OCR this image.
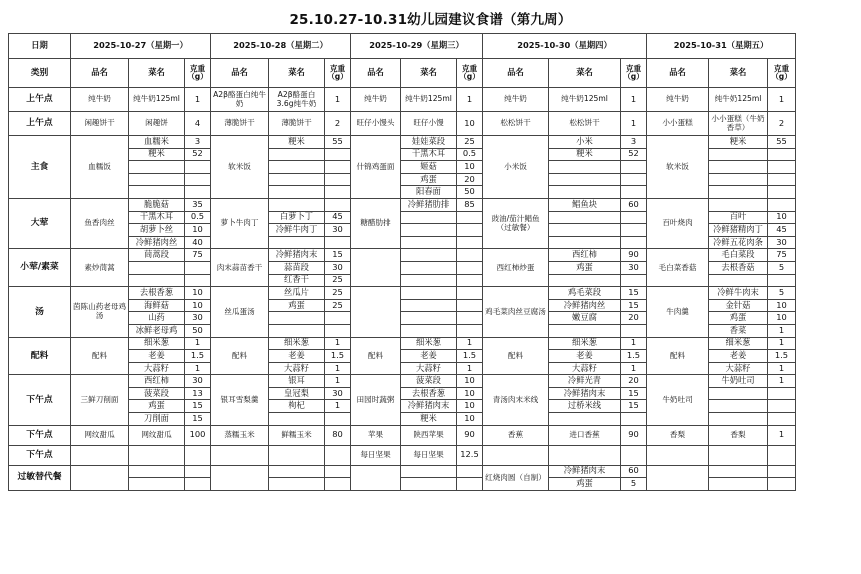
25.10.27-10.31幼儿园建议食谱（第九周）
日期	2025-10-27（星期一）			2025-10-28（星期二）			2025-10-29（星期三）			2025-10-30（星期四）			2025-10-31（星期五）		
类别	品名	菜名	克重（g）	品名	菜名	克重（g）	品名	菜名	克重（g）	品名	菜名	克重（g）	品名	菜名	克重（g）
上午点	纯牛奶	纯牛奶125ml	1	A2β酪蛋白纯牛奶	A2β酪蛋白3.6g纯牛奶	1	纯牛奶	纯牛奶125ml	1	纯牛奶	纯牛奶125ml	1	纯牛奶	纯牛奶125ml	1
上午点	闲趣饼干	闲趣饼	4	薄脆饼干	薄脆饼干	2	旺仔小馒头	旺仔小馒	10	松松饼干	松松饼干	1	小小蛋糕	小小蛋糕（牛奶香草）	2
主食	血糯饭	血糯米	3	软米饭	粳米	55	什锦鸡蛋面	娃娃菜段	25	小米饭	小米	3	软米饭	粳米	55
		粳米	52					干黑木耳	0.5		粳米	52			
								姬菇	10						
								鸡蛋	20						
								阳春面	50						
大荤	鱼香肉丝	脆脆菇	35	萝卜牛肉丁			糖醋肋排	冷鲜猪肋排	85	豉油/茄汁鲳鱼（过敏餐）	鲳鱼块	60	百叶烧肉		
		干黑木耳	0.5		白萝卜丁	45								百叶	10
		胡萝卜丝	10		冷鲜牛肉丁	30								冷鲜猪精肉丁	45
		冷鲜猪肉丝	40											冷鲜五花肉条	30
小荤/素菜	素炒茼蒿	茼蒿段	75	肉末蒜苗香干	冷鲜猪肉末	15				西红柿炒蛋	西红柿	90	毛白菜香菇	毛白菜段	75
					蒜苗段	30					鸡蛋	30		去根香菇	5
					红香干	25									
汤	茵陈山药老母鸡汤	去根香葱	10	丝瓜蛋汤	丝瓜片	25				鸡毛菜肉丝豆腐汤	鸡毛菜段	15	牛肉羹	冷鲜牛肉末	5
		海鲜菇	10		鸡蛋	25					冷鲜猪肉丝	15		金针菇	10
		山药	30								嫩豆腐	20		鸡蛋	10
		冰鲜老母鸡	50											香菜	1
配料	配料	细米葱	1	配料	细米葱	1	配料	细米葱	1	配料	细米葱	1	配料	细米葱	1
		老姜	1.5		老姜	1.5		老姜	1.5		老姜	1.5		老姜	1.5
		大蒜籽	1		大蒜籽	1		大蒜籽	1		大蒜籽	1		大蒜籽	1
下午点	三鲜刀削面	西红柿	30	银耳雪梨羹	银耳	1	田园时蔬粥	菠菜段	10	青汤肉末米线	冷鲜光青	20	牛奶吐司	牛奶吐司	1
		菠菜段	13		皇冠梨	30		去根香葱	10		冷鲜猪肉末	15			
		鸡蛋	15		枸杞	1		冷鲜猪肉末	10		过桥米线	15			
		刀削面	15					粳米	10						
下午点	网纹甜瓜	网纹甜瓜	100	蒸糯玉米	鲜糯玉米	80	苹果	陕西苹果	90	香蕉	进口香蕉	90	香梨	香梨	1
下午点							每日坚果	每日坚果	12.5						
过敏替代餐										红烧肉圆（自制）	冷鲜猪肉末	60			
											鸡蛋	5			
